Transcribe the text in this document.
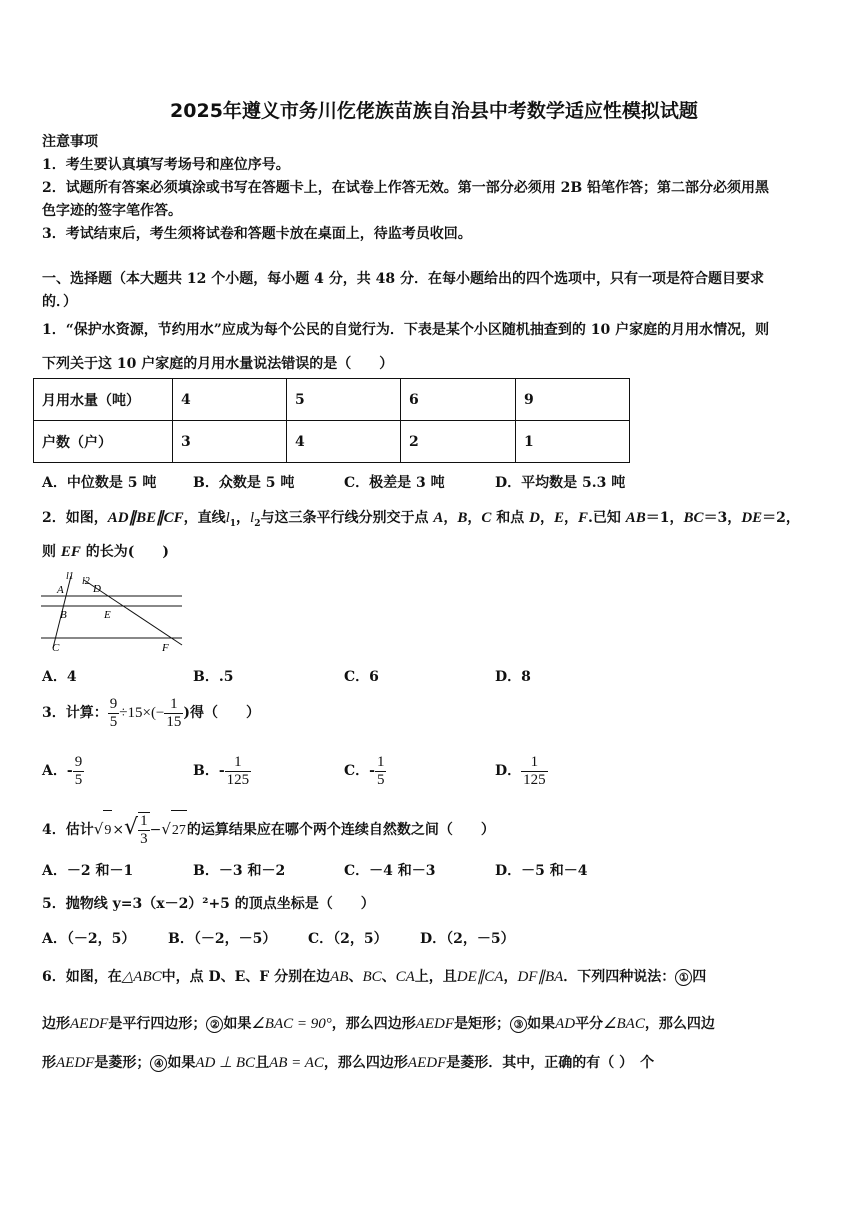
2025年遵义市务川仡佬族苗族自治县中考数学适应性模拟试题
注意事项
1．考生要认真填写考场号和座位序号。
2．试题所有答案必须填涂或书写在答题卡上，在试卷上作答无效。第一部分必须用 2B 铅笔作答；第二部分必须用黑
色字迹的签字笔作答。
3．考试结束后，考生须将试卷和答题卡放在桌面上，待监考员收回。
一、选择题（本大题共 12 个小题，每小题 4 分，共 48 分．在每小题给出的四个选项中，只有一项是符合题目要求
的．）
1．“保护水资源，节约用水”应成为每个公民的自觉行为．下表是某个小区随机抽查到的 10 户家庭的月用水情况，则
下列关于这 10 户家庭的月用水量说法错误的是（　　）
月用水量（吨）	4	5	6	9
户数（户）	3	4	2	1
A．中位数是 5 吨	B．众数是 5 吨	C．极差是 3 吨	D．平均数是 5.3 吨
2．如图，AD∥BE∥CF，直线$l_1$，$l_2$与这三条平行线分别交于点 A，B，C 和点 D，E，F.已知 AB＝1，BC＝3，DE＝2，
则 EF 的长为(　　)
l1 l2
D
A
B	E
C	F
A．4	B．.5	C．6	D．8
3．计算： $\frac{9}{5} \div 15\times(- \frac{1}{15}$ )得（　　）
A．- $\frac{9}{5}$	B．- $\frac{1}{125}$	C．- $\frac{1}{5}$	D． $\frac{1}{125}$
4．估计$√9\times√ \frac{1}{3} -√27$的运算结果应在哪个两个连续自然数之间（　　）
A．－2 和－1	B．－3 和－2	C．－4 和－3	D．－5 和－4
5．抛物线 y=3（x－2）²+5 的顶点坐标是（　　）
A．（－2，5） B．（－2，－5） C．（2，5） D．（2，－5）
6．如图，在△ABC中，点 D、E、F 分别在边AB、BC、CA上，且DE∥CA，DF∥BA．下列四种说法： ① 四
边形AEDF是平行四边形； ② 如果∠BAC = 90°，那么四边形AEDF是矩形； ③ 如果AD平分∠BAC，那么四边
形AEDF是菱形； ④ 如果AD ⊥ BC且AB = AC，那么四边形AEDF是菱形．其中，正确的有（ ）　个
